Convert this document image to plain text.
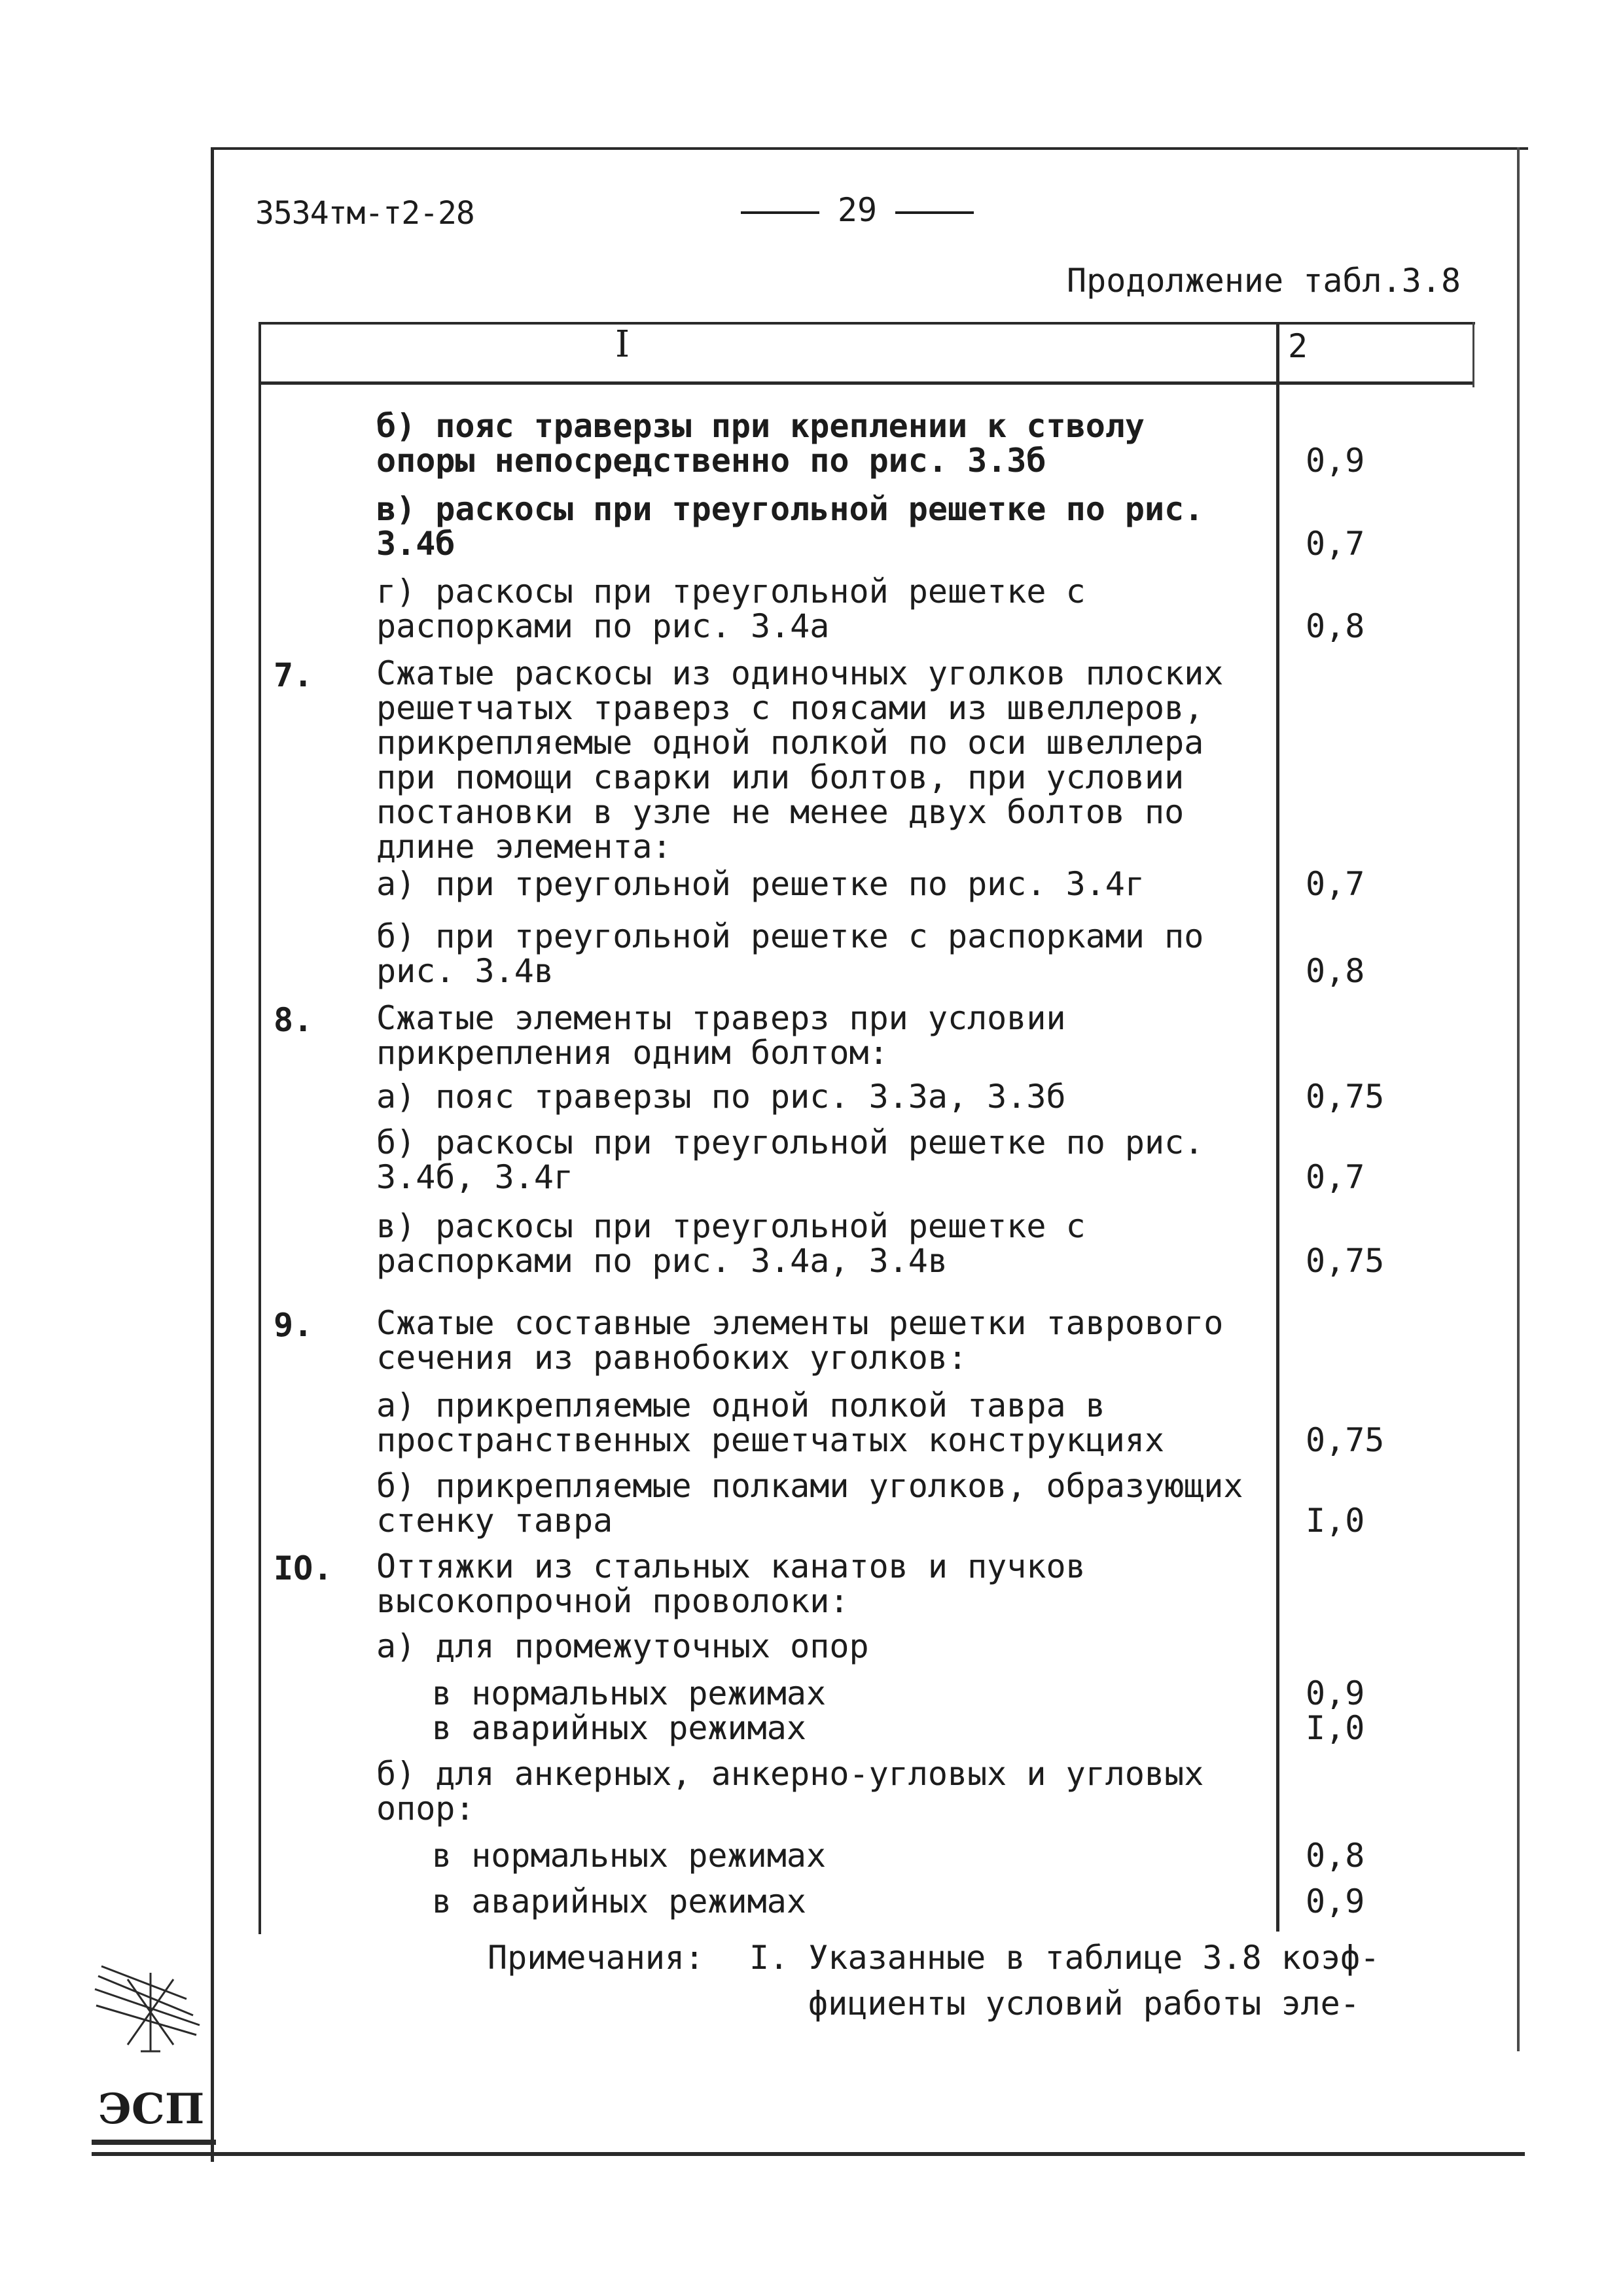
3534тм-т2-28	29
Продолжение табл.3.8
I	2
б) пояс траверзы при креплении к стволу опоры непосредственно по рис. 3.3б	0,9
в) раскосы при треугольной решетке по рис. 3.4б	0,7
г) раскосы при треугольной решетке с распорками по рис. 3.4а	0,8
7. Сжатые раскосы из одиночных уголков плоских решетчатых траверз с поясами из швеллеров, прикрепляемые одной полкой по оси швеллера при помощи сварки или болтов, при условии постановки в узле не менее двух болтов по длине элемента:
а) при треугольной решетке по рис. 3.4г	0,7
б) при треугольной решетке с распорками по рис. 3.4в	0,8
8. Сжатые элементы траверз при условии прикрепления одним болтом:
а) пояс траверзы по рис. 3.3а, 3.3б	0,75
б) раскосы при треугольной решетке по рис. 3.4б, 3.4г	0,7
в) раскосы при треугольной решетке с распорками по рис. 3.4а, 3.4в	0,75
9. Сжатые составные элементы решетки таврового сечения из равнобоких уголков:
а) прикрепляемые одной полкой тавра в пространственных решетчатых конструкциях	0,75
б) прикрепляемые полками уголков, образующих стенку тавра	I,0
IO. Оттяжки из стальных канатов и пучков высокопрочной проволоки:
а) для промежуточных опор
в нормальных режимах	0,9
в аварийных режимах	I,0
б) для анкерных, анкерно-угловых и угловых опор:
в нормальных режимах	0,8
в аварийных режимах	0,9
Примечания: I. Указанные в таблице 3.8 коэф-
фициенты условий работы эле-
ЭСП
